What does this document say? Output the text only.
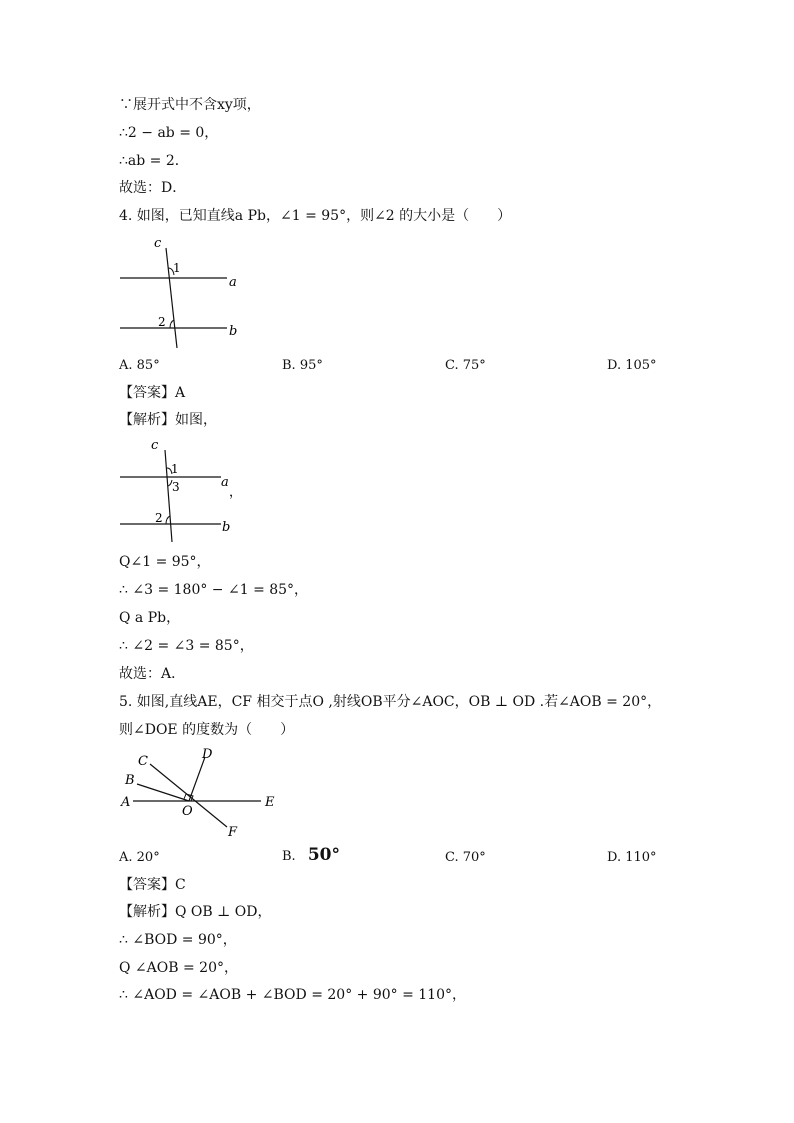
∵展开式中不含xy项，
∴2 − ab = 0，
∴ab = 2．
故选：D．
4. 如图，已知直线a Pb，∠1 = 95°，则∠2 的大小是（　　）
c
1
a
2
b
A. 85°	B. 95°	C. 75°	D. 105°
【答案】A
【解析】如图，
c
1
3	a
，
2
b
Q∠1 = 95°，
∴ ∠3 = 180° − ∠1 = 85°，
Q a Pb，
∴ ∠2 = ∠3 = 85°，
故选：A．
5. 如图,直线AE，CF 相交于点O ,射线OB平分∠AOC，OB ⊥ OD .若∠AOB = 20°，
则∠DOE 的度数为（　　）
C	D
B
A	E
O
F
A. 20°	B. 50°	C. 70°	D. 110°
【答案】C
【解析】Q OB ⊥ OD，
∴ ∠BOD = 90°，
Q ∠AOB = 20°，
∴ ∠AOD = ∠AOB + ∠BOD = 20° + 90° = 110°，
